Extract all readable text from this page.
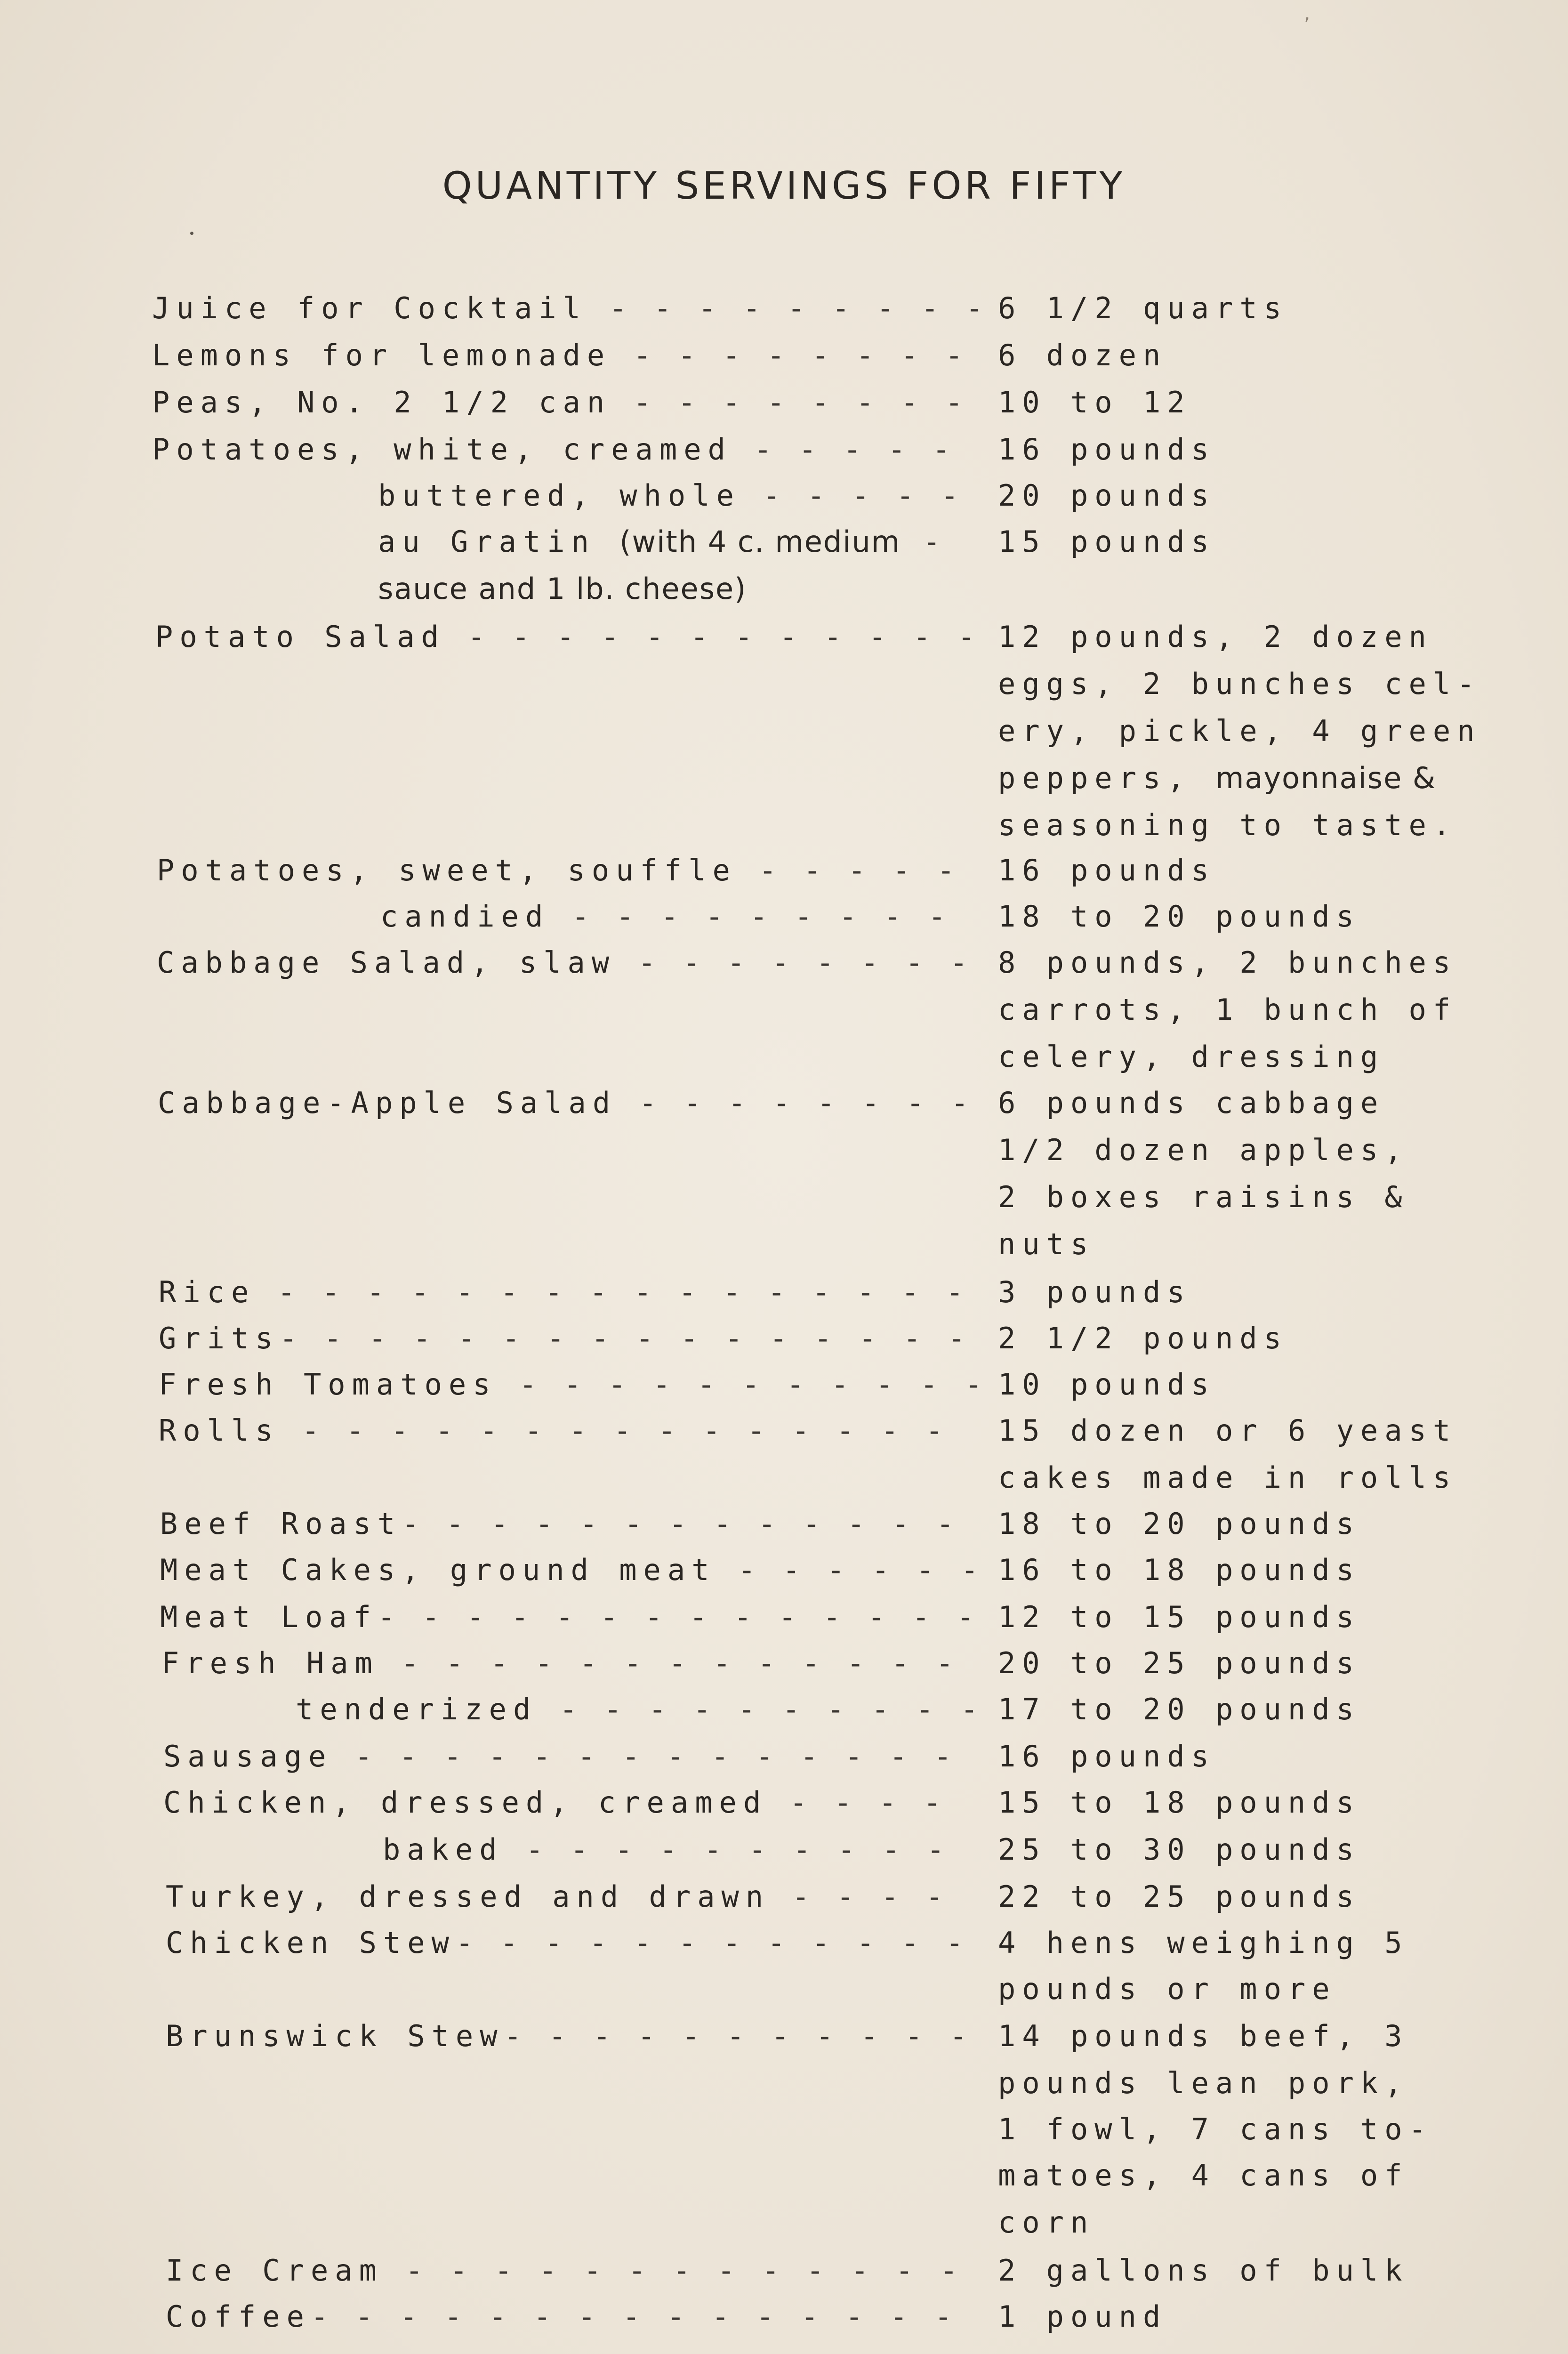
ʼ
QUANTITY SERVINGS FOR FIFTY
Juice for Cocktail - - - - - - - - - 6 1/2 quarts
Lemons for lemonade - - - - - - - - 6 dozen
Peas, No. 2 1/2 can - - - - - - - - 10 to 12
Potatoes, white, creamed - - - - - 16 pounds
buttered, whole - - - - - 20 pounds
au Gratin (with 4 c. medium - 15 pounds
sauce and 1 lb. cheese)
Potato Salad - - - - - - - - - - - - 12 pounds, 2 dozen
eggs, 2 bunches cel-
ery, pickle, 4 green
peppers, mayonnaise &
seasoning to taste.
Potatoes, sweet, souffle - - - - - 16 pounds
candied - - - - - - - - - 18 to 20 pounds
Cabbage Salad, slaw - - - - - - - - 8 pounds, 2 bunches
carrots, 1 bunch of
celery, dressing
Cabbage-Apple Salad - - - - - - - - 6 pounds cabbage
1/2 dozen apples,
2 boxes raisins &
nuts
Rice - - - - - - - - - - - - - - - - 3 pounds
Grits- - - - - - - - - - - - - - - - 2 1/2 pounds
Fresh Tomatoes - - - - - - - - - - - 10 pounds
Rolls - - - - - - - - - - - - - - - 15 dozen or 6 yeast
cakes made in rolls
Beef Roast- - - - - - - - - - - - - 18 to 20 pounds
Meat Cakes, ground meat - - - - - - 16 to 18 pounds
Meat Loaf- - - - - - - - - - - - - - 12 to 15 pounds
Fresh Ham - - - - - - - - - - - - - 20 to 25 pounds
tenderized - - - - - - - - - - 17 to 20 pounds
Sausage - - - - - - - - - - - - - - 16 pounds
Chicken, dressed, creamed - - - - 15 to 18 pounds
baked - - - - - - - - - - 25 to 30 pounds
Turkey, dressed and drawn - - - - 22 to 25 pounds
Chicken Stew- - - - - - - - - - - - 4 hens weighing 5
pounds or more
Brunswick Stew- - - - - - - - - - - 14 pounds beef, 3
pounds lean pork,
1 fowl, 7 cans to-
matoes, 4 cans of
corn
Ice Cream - - - - - - - - - - - - - 2 gallons of bulk
Coffee- - - - - - - - - - - - - - - 1 pound
